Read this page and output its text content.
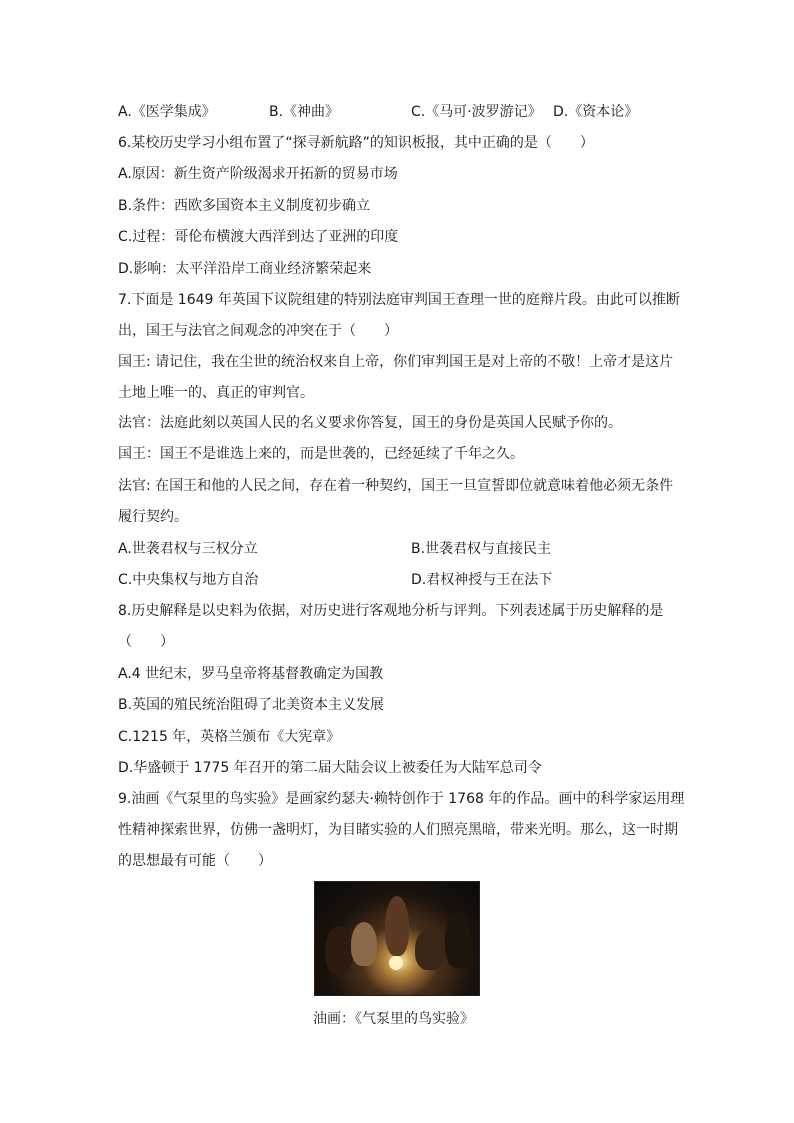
A.《医学集成》	B.《神曲》	C.《马可·波罗游记》 D.《资本论》
6.某校历史学习小组布置了“探寻新航路”的知识板报，其中正确的是（　　）
A.原因：新生资产阶级渴求开拓新的贸易市场
B.条件：西欧多国资本主义制度初步确立
C.过程：哥伦布横渡大西洋到达了亚洲的印度
D.影响：太平洋沿岸工商业经济繁荣起来
7.下面是 1649 年英国下议院组建的特别法庭审判国王查理一世的庭辩片段。由此可以推断
出，国王与法官之间观念的冲突在于（　　）
国王: 请记住，我在尘世的统治权来自上帝，你们审判国王是对上帝的不敬！上帝才是这片
土地上唯一的、真正的审判官。
法官：法庭此刻以英国人民的名义要求你答复，国王的身份是英国人民赋予你的。
国王：国王不是谁选上来的，而是世袭的，已经延续了千年之久。
法官: 在国王和他的人民之间，存在着一种契约，国王一旦宣誓即位就意味着他必须无条件
履行契约。
A.世袭君权与三权分立	B.世袭君权与直接民主
C.中央集权与地方自治	D.君权神授与王在法下
8.历史解释是以史料为依据，对历史进行客观地分析与评判。下列表述属于历史解释的是
（　　）
A.4 世纪末，罗马皇帝将基督教确定为国教
B.英国的殖民统治阻碍了北美资本主义发展
C.1215 年，英格兰颁布《大宪章》
D.华盛顿于 1775 年召开的第二届大陆会议上被委任为大陆军总司令
9.油画《气泵里的鸟实验》是画家约瑟夫·赖特创作于 1768 年的作品。画中的科学家运用理
性精神探索世界，仿佛一盏明灯，为目睹实验的人们照亮黑暗，带来光明。那么，这一时期
的思想最有可能（　　）
油画：《气泵里的鸟实验》
